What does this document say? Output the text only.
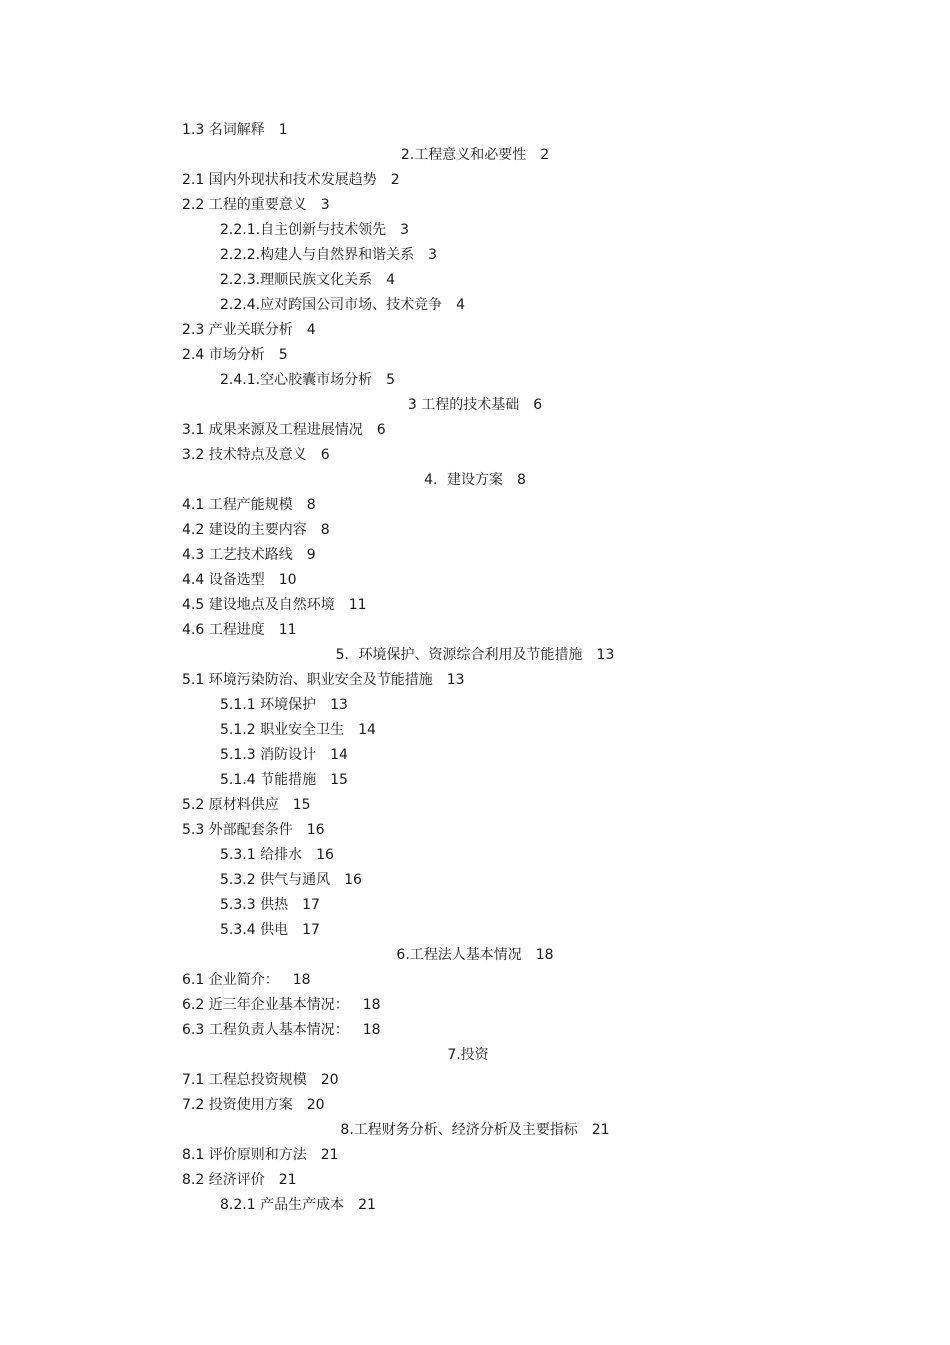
1.3 名词解释 1
2.工程意义和必要性 2
2.1 国内外现状和技术发展趋势 2
2.2 工程的重要意义 3
2.2.1.自主创新与技术领先 3
2.2.2.构建人与自然界和谐关系 3
2.2.3.理顺民族文化关系 4
2.2.4.应对跨国公司市场、技术竞争 4
2.3 产业关联分析 4
2.4 市场分析 5
2.4.1.空心胶囊市场分析 5
3 工程的技术基础 6
3.1 成果来源及工程进展情况 6
3.2 技术特点及意义 6
4．建设方案 8
4.1 工程产能规模 8
4.2 建设的主要内容 8
4.3 工艺技术路线 9
4.4 设备选型 10
4.5 建设地点及自然环境 11
4.6 工程进度 11
5．环境保护、资源综合利用及节能措施 13
5.1 环境污染防治、职业安全及节能措施 13
5.1.1 环境保护 13
5.1.2 职业安全卫生 14
5.1.3 消防设计 14
5.1.4 节能措施 15
5.2 原材料供应 15
5.3 外部配套条件 16
5.3.1 给排水 16
5.3.2 供气与通风 16
5.3.3 供热 17
5.3.4 供电 17
6.工程法人基本情况 18
6.1 企业简介： 18
6.2 近三年企业基本情况： 18
6.3 工程负责人基本情况： 18
7.投资
7.1 工程总投资规模 20
7.2 投资使用方案 20
8.工程财务分析、经济分析及主要指标 21
8.1 评价原则和方法 21
8.2 经济评价 21
8.2.1 产品生产成本 21
